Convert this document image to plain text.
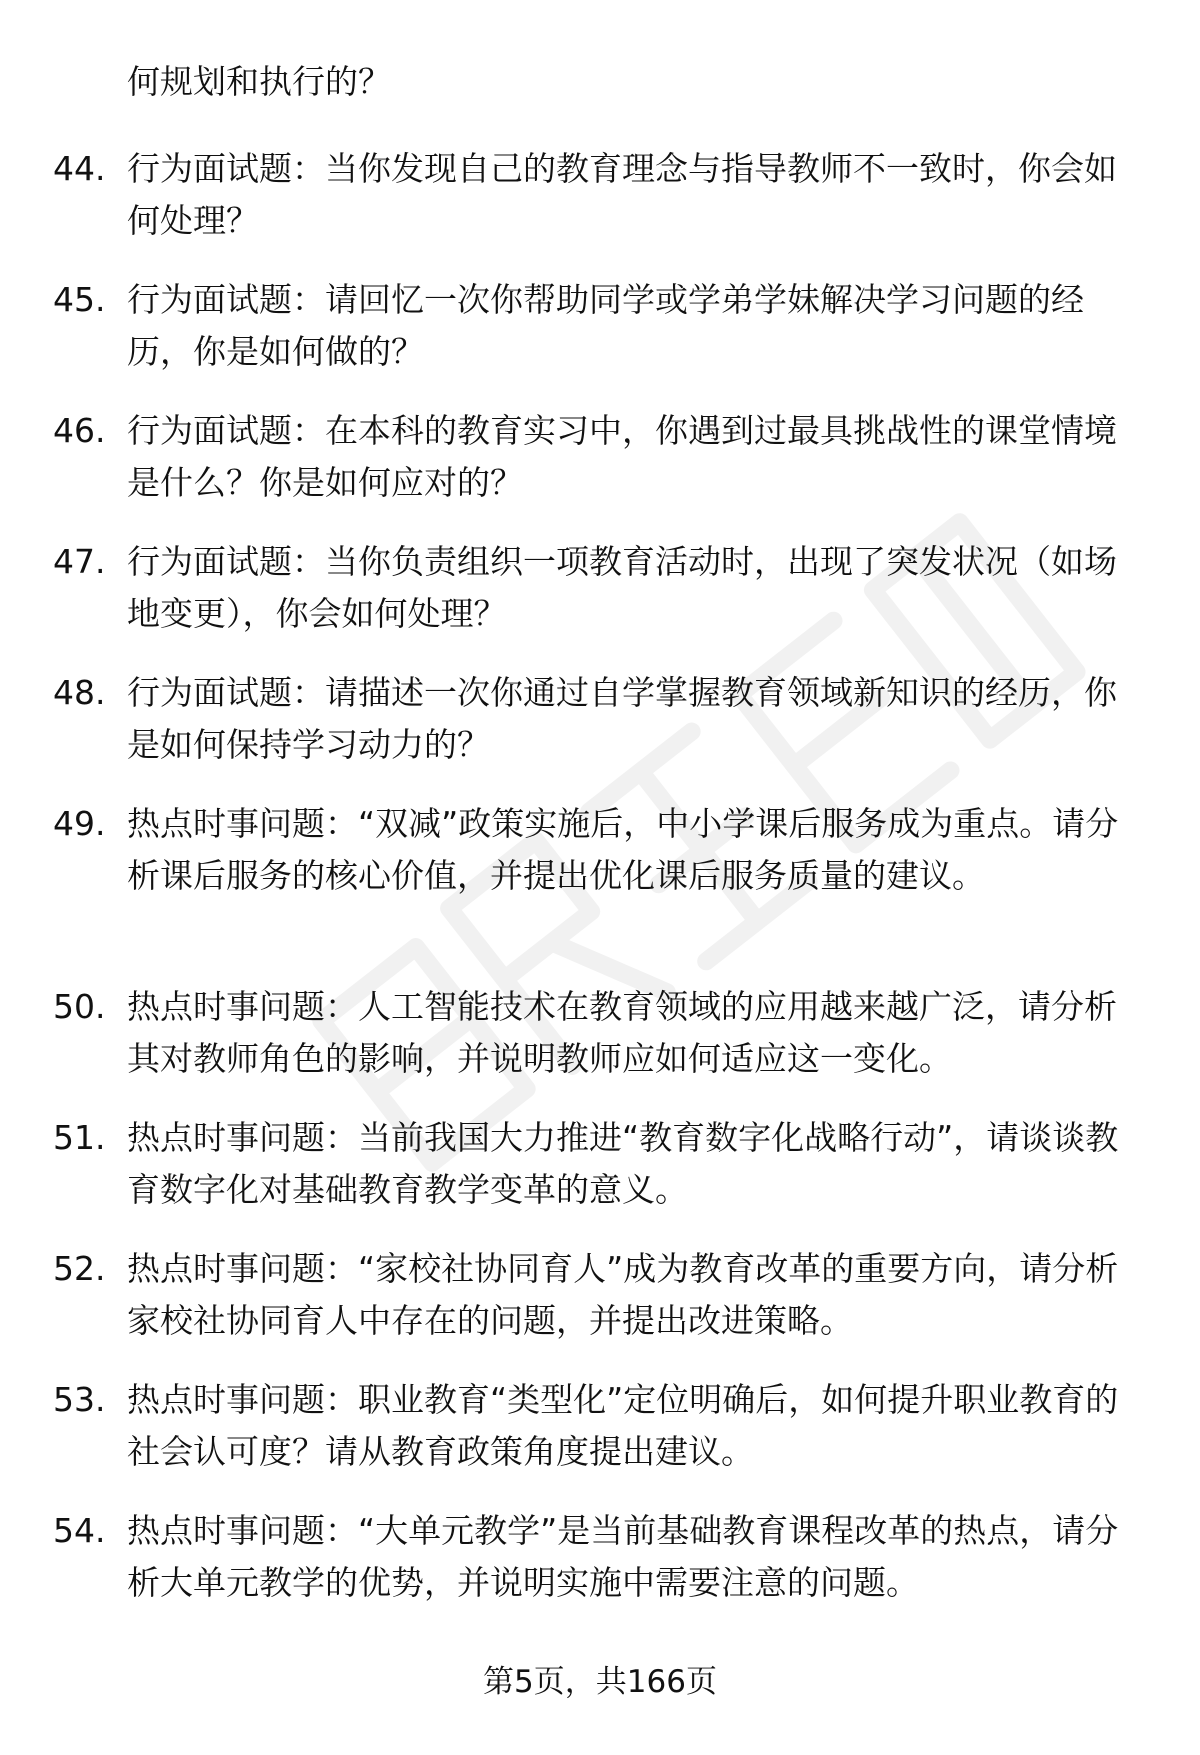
何规划和执行的？

44. 行为面试题：当你发现自己的教育理念与指导教师不一致时，你会如何处理？
45. 行为面试题：请回忆一次你帮助同学或学弟学妹解决学习问题的经历，你是如何做的？
46. 行为面试题：在本科的教育实习中，你遇到过最具挑战性的课堂情境是什么？你是如何应对的？
47. 行为面试题：当你负责组织一项教育活动时，出现了突发状况（如场地变更），你会如何处理？
48. 行为面试题：请描述一次你通过自学掌握教育领域新知识的经历，你是如何保持学习动力的？
49. 热点时事问题：“双减”政策实施后，中小学课后服务成为重点。请分析课后服务的核心价值，并提出优化课后服务质量的建议。
50. 热点时事问题：人工智能技术在教育领域的应用越来越广泛，请分析其对教师角色的影响，并说明教师应如何适应这一变化。
51. 热点时事问题：当前我国大力推进“教育数字化战略行动”，请谈谈教育数字化对基础教育教学变革的意义。
52. 热点时事问题：“家校社协同育人”成为教育改革的重要方向，请分析家校社协同育人中存在的问题，并提出改进策略。
53. 热点时事问题：职业教育“类型化”定位明确后，如何提升职业教育的社会认可度？请从教育政策角度提出建议。
54. 热点时事问题：“大单元教学”是当前基础教育课程改革的热点，请分析大单元教学的优势，并说明实施中需要注意的问题。
第5页，共166页
